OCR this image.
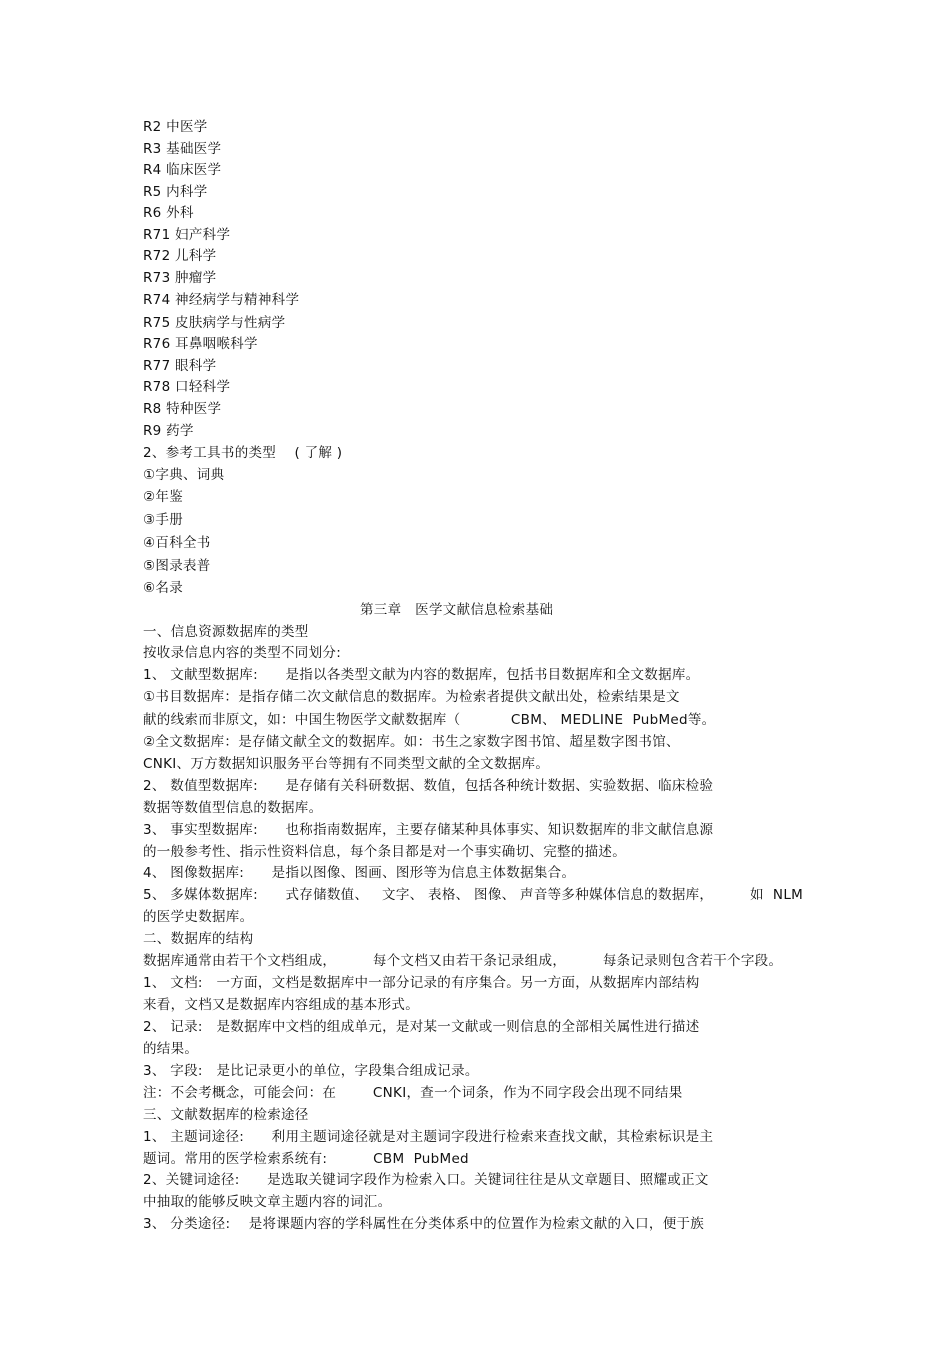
R2 中医学
R3 基础医学
R4 临床医学
R5 内科学
R6 外科
R71 妇产科学
R72 儿科学
R73 肿瘤学
R74 神经病学与精神科学
R75 皮肤病学与性病学
R76 耳鼻咽喉科学
R77 眼科学
R78 口轻科学
R8 特种医学
R9 药学
2、参考工具书的类型    ( 了解 )
①字典、词典
②年鉴
③手册
④百科全书
⑤图录表普
⑥名录
第三章   医学文献信息检索基础
一、信息资源数据库的类型
按收录信息内容的类型不同划分:
1、 文献型数据库:      是指以各类型文献为内容的数据库，包括书目数据库和全文数据库。
①书目数据库：是指存储二次文献信息的数据库。为检索者提供文献出处，检索结果是文
献的线索而非原文，如：中国生物医学文献数据库（           CBM、 MEDLINE  PubMed等。
②全文数据库：是存储文献全文的数据库。如：书生之家数字图书馆、超星数字图书馆、
CNKI、万方数据知识服务平台等拥有不同类型文献的全文数据库。
2、 数值型数据库:      是存储有关科研数据、数值，包括各种统计数据、实验数据、临床检验
数据等数值型信息的数据库。
3、 事实型数据库:      也称指南数据库，主要存储某种具体事实、知识数据库的非文献信息源
的一般参考性、指示性资料信息，每个条目都是对一个事实确切、完整的描述。
4、 图像数据库:      是指以图像、图画、图形等为信息主体数据集合。
5、 多媒体数据库:      式存储数值、   文字、 表格、 图像、 声音等多种媒体信息的数据库，        如  NLM
的医学史数据库。
二、数据库的结构
数据库通常由若干个文档组成，        每个文档又由若干条记录组成，        每条记录则包含若干个字段。
1、 文档:   一方面，文档是数据库中一部分记录的有序集合。另一方面，从数据库内部结构
来看，文档又是数据库内容组成的基本形式。
2、 记录:   是数据库中文档的组成单元，是对某一文献或一则信息的全部相关属性进行描述
的结果。
3、 字段:   是比记录更小的单位，字段集合组成记录。
注：不会考概念，可能会问：在        CNKI，查一个词条，作为不同字段会出现不同结果
三、文献数据库的检索途径
1、 主题词途径:      利用主题词途径就是对主题词字段进行检索来查找文献，其检索标识是主
题词。常用的医学检索系统有:          CBM  PubMed
2、关键词途径:      是选取关键词字段作为检索入口。关键词往往是从文章题目、照耀或正文
中抽取的能够反映文章主题内容的词汇。
3、 分类途径:    是将课题内容的学科属性在分类体系中的位置作为检索文献的入口，便于族
